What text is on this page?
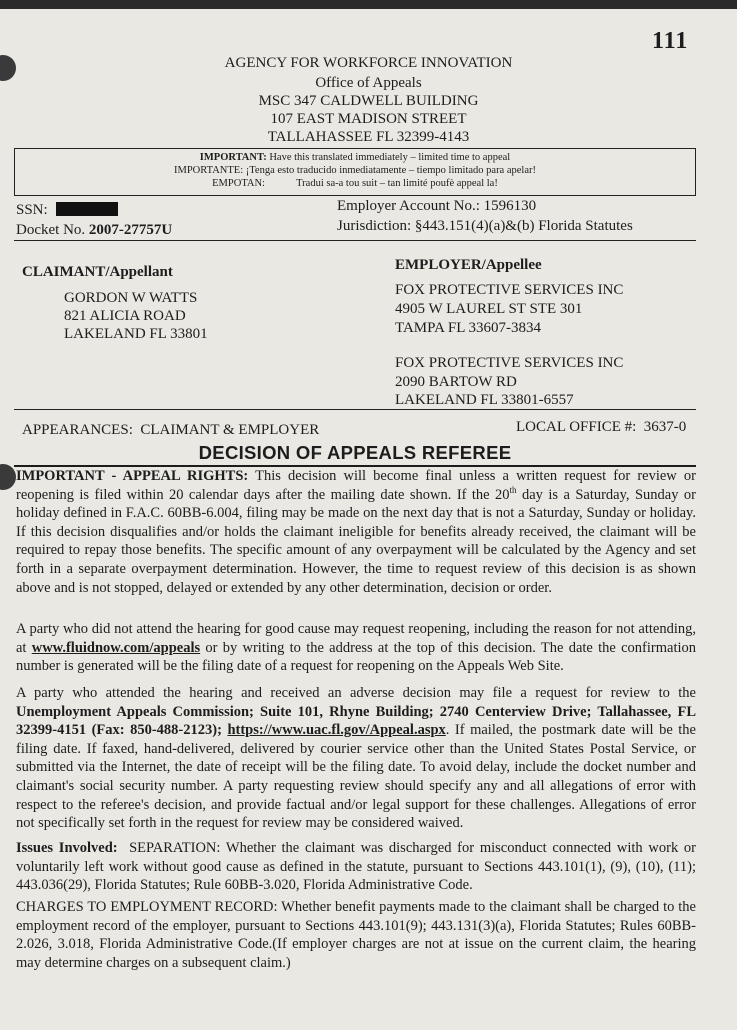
111
AGENCY FOR WORKFORCE INNOVATION
Office of Appeals
MSC 347 CALDWELL BUILDING
107 EAST MADISON STREET
TALLAHASSEE FL 32399-4143
IMPORTANT: Have this translated immediately – limited time to appeal
IMPORTANTE: ¡Tenga esto traducido inmediatamente – tiempo limitado para apelar!
EMPOTAN:	Tradui sa-a tou suit – tan limité poufè appeal la!
SSN:
Docket No. 2007-27757U
Employer Account No.: 1596130
Jurisdiction: §443.151(4)(a)&(b) Florida Statutes
CLAIMANT/Appellant
GORDON W WATTS
821 ALICIA ROAD
LAKELAND FL 33801
EMPLOYER/Appellee
FOX PROTECTIVE SERVICES INC
4905 W LAUREL ST STE 301
TAMPA FL 33607-3834
FOX PROTECTIVE SERVICES INC
2090 BARTOW RD
LAKELAND FL 33801-6557
APPEARANCES: CLAIMANT & EMPLOYER	LOCAL OFFICE #: 3637-0
DECISION OF APPEALS REFEREE
IMPORTANT - APPEAL RIGHTS: This decision will become final unless a written request for review or reopening is filed within 20 calendar days after the mailing date shown. If the 20th day is a Saturday, Sunday or holiday defined in F.A.C. 60BB-6.004, filing may be made on the next day that is not a Saturday, Sunday or holiday. If this decision disqualifies and/or holds the claimant ineligible for benefits already received, the claimant will be required to repay those benefits. The specific amount of any overpayment will be calculated by the Agency and set forth in a separate overpayment determination. However, the time to request review of this decision is as shown above and is not stopped, delayed or extended by any other determination, decision or order.
A party who did not attend the hearing for good cause may request reopening, including the reason for not attending, at www.fluidnow.com/appeals or by writing to the address at the top of this decision. The date the confirmation number is generated will be the filing date of a request for reopening on the Appeals Web Site.
A party who attended the hearing and received an adverse decision may file a request for review to the Unemployment Appeals Commission; Suite 101, Rhyne Building; 2740 Centerview Drive; Tallahassee, FL 32399-4151 (Fax: 850-488-2123); https://www.uac.fl.gov/Appeal.aspx. If mailed, the postmark date will be the filing date. If faxed, hand-delivered, delivered by courier service other than the United States Postal Service, or submitted via the Internet, the date of receipt will be the filing date. To avoid delay, include the docket number and claimant's social security number. A party requesting review should specify any and all allegations of error with respect to the referee's decision, and provide factual and/or legal support for these challenges. Allegations of error not specifically set forth in the request for review may be considered waived.
Issues Involved: SEPARATION: Whether the claimant was discharged for misconduct connected with work or voluntarily left work without good cause as defined in the statute, pursuant to Sections 443.101(1), (9), (10), (11); 443.036(29), Florida Statutes; Rule 60BB-3.020, Florida Administrative Code.
CHARGES TO EMPLOYMENT RECORD: Whether benefit payments made to the claimant shall be charged to the employment record of the employer, pursuant to Sections 443.101(9); 443.131(3)(a), Florida Statutes; Rules 60BB-2.026, 3.018, Florida Administrative Code.(If employer charges are not at issue on the current claim, the hearing may determine charges on a subsequent claim.)
